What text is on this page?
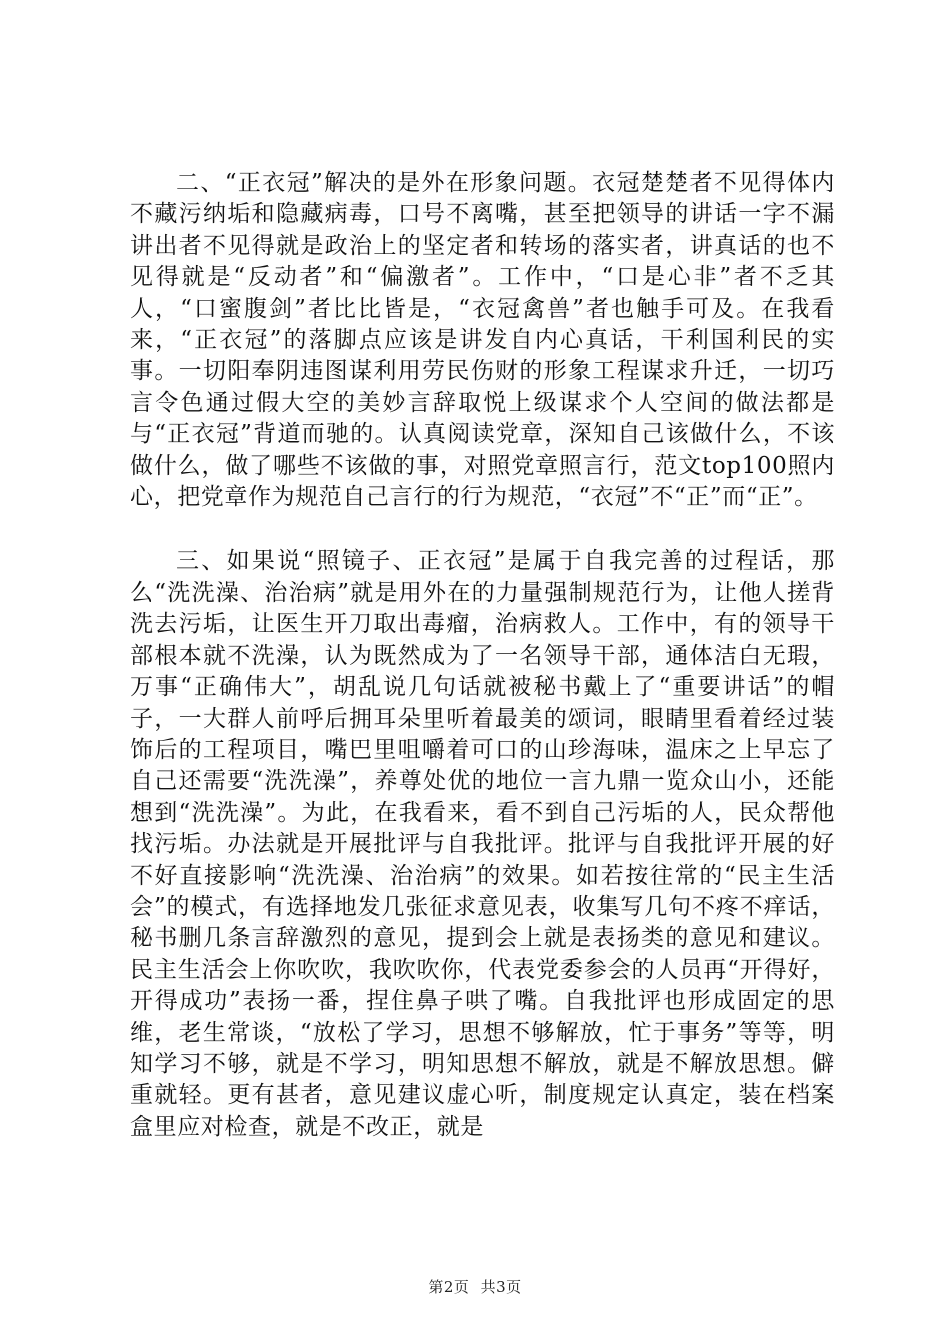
二、“正衣冠”解决的是外在形象问题。衣冠楚楚者不见得体内不藏污纳垢和隐藏病毒，口号不离嘴，甚至把领导的讲话一字不漏讲出者不见得就是政治上的坚定者和转场的落实者，讲真话的也不见得就是“反动者”和“偏激者”。工作中，“口是心非”者不乏其人，“口蜜腹剑”者比比皆是，“衣冠禽兽”者也触手可及。在我看来，“正衣冠”的落脚点应该是讲发自内心真话，干利国利民的实事。一切阳奉阴违图谋利用劳民伤财的形象工程谋求升迁，一切巧言令色通过假大空的美妙言辞取悦上级谋求个人空间的做法都是与“正衣冠”背道而驰的。认真阅读党章，深知自己该做什么，不该做什么，做了哪些不该做的事，对照党章照言行，范文top100照内心，把党章作为规范自己言行的行为规范，“衣冠”不“正”而“正”。

三、如果说“照镜子、正衣冠”是属于自我完善的过程话，那么“洗洗澡、治治病”就是用外在的力量强制规范行为，让他人搓背洗去污垢，让医生开刀取出毒瘤，治病救人。工作中，有的领导干部根本就不洗澡，认为既然成为了一名领导干部，通体洁白无瑕，万事“正确伟大”，胡乱说几句话就被秘书戴上了“重要讲话”的帽子，一大群人前呼后拥耳朵里听着最美的颂词，眼睛里看着经过装饰后的工程项目，嘴巴里咀嚼着可口的山珍海味，温床之上早忘了自己还需要“洗洗澡”，养尊处优的地位一言九鼎一览众山小，还能想到“洗洗澡”。为此，在我看来，看不到自己污垢的人，民众帮他找污垢。办法就是开展批评与自我批评。批评与自我批评开展的好不好直接影响“洗洗澡、治治病”的效果。如若按往常的“民主生活会”的模式，有选择地发几张征求意见表，收集写几句不疼不痒话，秘书删几条言辞激烈的意见，提到会上就是表扬类的意见和建议。民主生活会上你吹吹，我吹吹你，代表党委参会的人员再“开得好，开得成功”表扬一番，捏住鼻子哄了嘴。自我批评也形成固定的思维，老生常谈，“放松了学习，思想不够解放，忙于事务”等等，明知学习不够，就是不学习，明知思想不解放，就是不解放思想。僻重就轻。更有甚者，意见建议虚心听，制度规定认真定，装在档案盒里应对检查，就是不改正，就是

第2页 共3页
